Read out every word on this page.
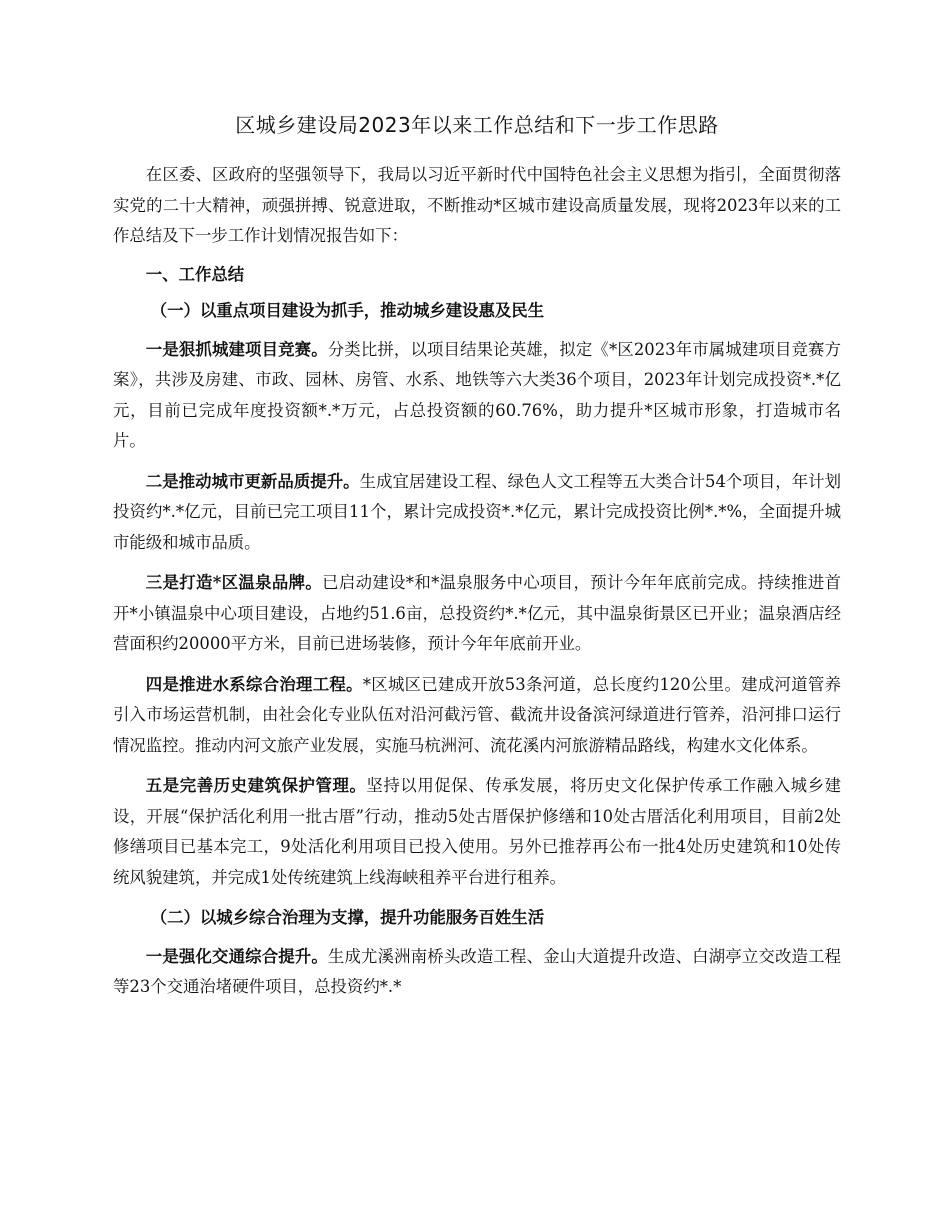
区城乡建设局2023年以来工作总结和下一步工作思路

在区委、区政府的坚强领导下，我局以习近平新时代中国特色社会主义思想为指引，全面贯彻落实党的二十大精神，顽强拼搏、锐意进取，不断推动*区城市建设高质量发展，现将2023年以来的工作总结及下一步工作计划情况报告如下：

一、工作总结

（一）以重点项目建设为抓手，推动城乡建设惠及民生

一是狠抓城建项目竞赛。分类比拼，以项目结果论英雄，拟定《*区2023年市属城建项目竞赛方案》，共涉及房建、市政、园林、房管、水系、地铁等六大类36个项目，2023年计划完成投资*.*亿元，目前已完成年度投资额*.*万元，占总投资额的60.76%，助力提升*区城市形象，打造城市名片。

二是推动城市更新品质提升。生成宜居建设工程、绿色人文工程等五大类合计54个项目，年计划投资约*.*亿元，目前已完工项目11个，累计完成投资*.*亿元，累计完成投资比例*.*%，全面提升城市能级和城市品质。

三是打造*区温泉品牌。已启动建设*和*温泉服务中心项目，预计今年年底前完成。持续推进首开*小镇温泉中心项目建设，占地约51.6亩，总投资约*.*亿元，其中温泉街景区已开业；温泉酒店经营面积约20000平方米，目前已进场装修，预计今年年底前开业。

四是推进水系综合治理工程。*区城区已建成开放53条河道，总长度约120公里。建成河道管养引入市场运营机制，由社会化专业队伍对沿河截污管、截流井设备滨河绿道进行管养，沿河排口运行情况监控。推动内河文旅产业发展，实施马杭洲河、流花溪内河旅游精品路线，构建水文化体系。

五是完善历史建筑保护管理。坚持以用促保、传承发展，将历史文化保护传承工作融入城乡建设，开展“保护活化利用一批古厝”行动，推动5处古厝保护修缮和10处古厝活化利用项目，目前2处修缮项目已基本完工，9处活化利用项目已投入使用。另外已推荐再公布一批4处历史建筑和10处传统风貌建筑，并完成1处传统建筑上线海峡租养平台进行租养。

（二）以城乡综合治理为支撑，提升功能服务百姓生活

一是强化交通综合提升。生成尤溪洲南桥头改造工程、金山大道提升改造、白湖亭立交改造工程等23个交通治堵硬件项目，总投资约*.*
